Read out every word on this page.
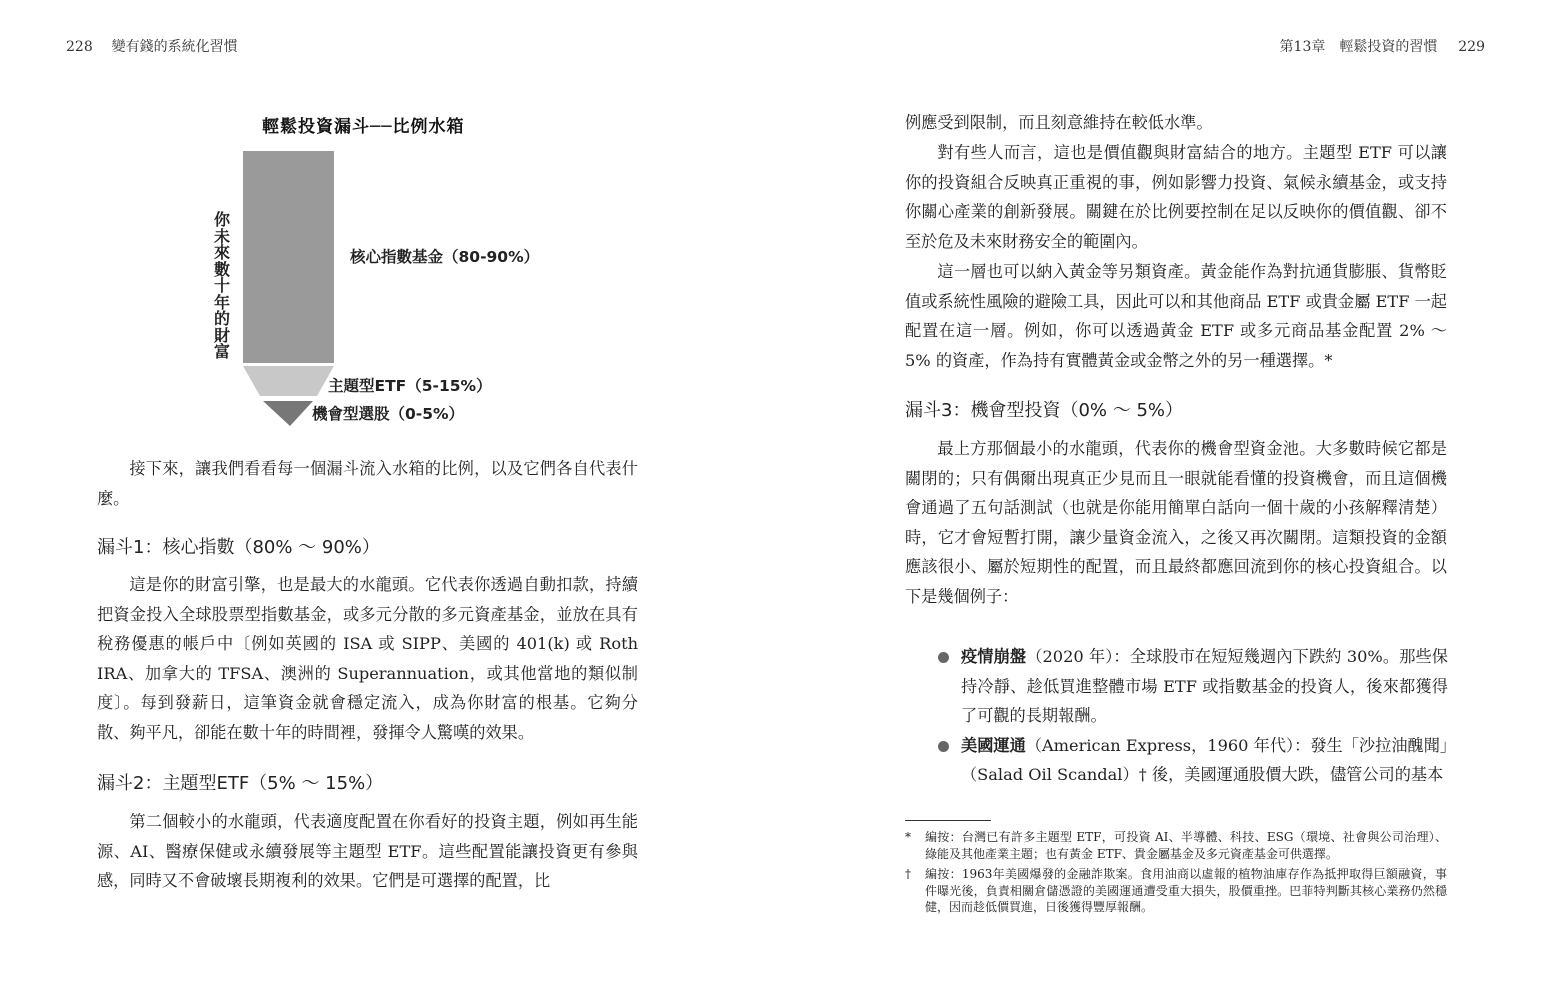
228 變有錢的系統化習慣	第13章　輕鬆投資的習慣 229
輕鬆投資漏斗──比例水箱
你未來數十年的財富
核心指數基金（80-90%）
主題型ETF（5-15%）
機會型選股（0-5%）

接下來，讓我們看看每一個漏斗流入水箱的比例，以及它們各自代表什麼。

漏斗1：核心指數（80% ～ 90%）

這是你的財富引擎，也是最大的水龍頭。它代表你透過自動扣款，持續把資金投入全球股票型指數基金，或多元分散的多元資產基金，並放在具有稅務優惠的帳戶中〔例如英國的 ISA 或 SIPP、美國的 401(k) 或 Roth IRA、加拿大的 TFSA、澳洲的 Superannuation，或其他當地的類似制度〕。每到發薪日，這筆資金就會穩定流入，成為你財富的根基。它夠分散、夠平凡，卻能在數十年的時間裡，發揮令人驚嘆的效果。

漏斗2：主題型ETF（5% ～ 15%）

第二個較小的水龍頭，代表適度配置在你看好的投資主題，例如再生能源、AI、醫療保健或永續發展等主題型 ETF。這些配置能讓投資更有參與感，同時又不會破壞長期複利的效果。它們是可選擇的配置，比

例應受到限制，而且刻意維持在較低水準。

對有些人而言，這也是價值觀與財富結合的地方。主題型 ETF 可以讓你的投資組合反映真正重視的事，例如影響力投資、氣候永續基金，或支持你關心產業的創新發展。關鍵在於比例要控制在足以反映你的價值觀、卻不至於危及未來財務安全的範圍內。

這一層也可以納入黃金等另類資產。黃金能作為對抗通貨膨脹、貨幣貶值或系統性風險的避險工具，因此可以和其他商品 ETF 或貴金屬 ETF 一起配置在這一層。例如，你可以透過黃金 ETF 或多元商品基金配置 2% ～ 5% 的資產，作為持有實體黃金或金幣之外的另一種選擇。*

漏斗3：機會型投資（0% ～ 5%）

最上方那個最小的水龍頭，代表你的機會型資金池。大多數時候它都是關閉的；只有偶爾出現真正少見而且一眼就能看懂的投資機會，而且這個機會通過了五句話測試（也就是你能用簡單白話向一個十歲的小孩解釋清楚）時，它才會短暫打開，讓少量資金流入，之後又再次關閉。這類投資的金額應該很小、屬於短期性的配置，而且最終都應回流到你的核心投資組合。以下是幾個例子：

疫情崩盤（2020 年）：全球股市在短短幾週內下跌約 30%。那些保持冷靜、趁低買進整體市場 ETF 或指數基金的投資人，後來都獲得了可觀的長期報酬。
美國運通（American Express，1960 年代）：發生「沙拉油醜聞」（Salad Oil Scandal）† 後，美國運通股價大跌，儘管公司的基本

* 編按：台灣已有許多主題型 ETF，可投資 AI、半導體、科技、ESG（環境、社會與公司治理）、綠能及其他產業主題；也有黃金 ETF、貴金屬基金及多元資產基金可供選擇。

† 編按：1963年美國爆發的金融詐欺案。食用油商以虛報的植物油庫存作為抵押取得巨額融資，事件曝光後，負責相關倉儲憑證的美國運通遭受重大損失，股價重挫。巴菲特判斷其核心業務仍然穩健，因而趁低價買進，日後獲得豐厚報酬。
